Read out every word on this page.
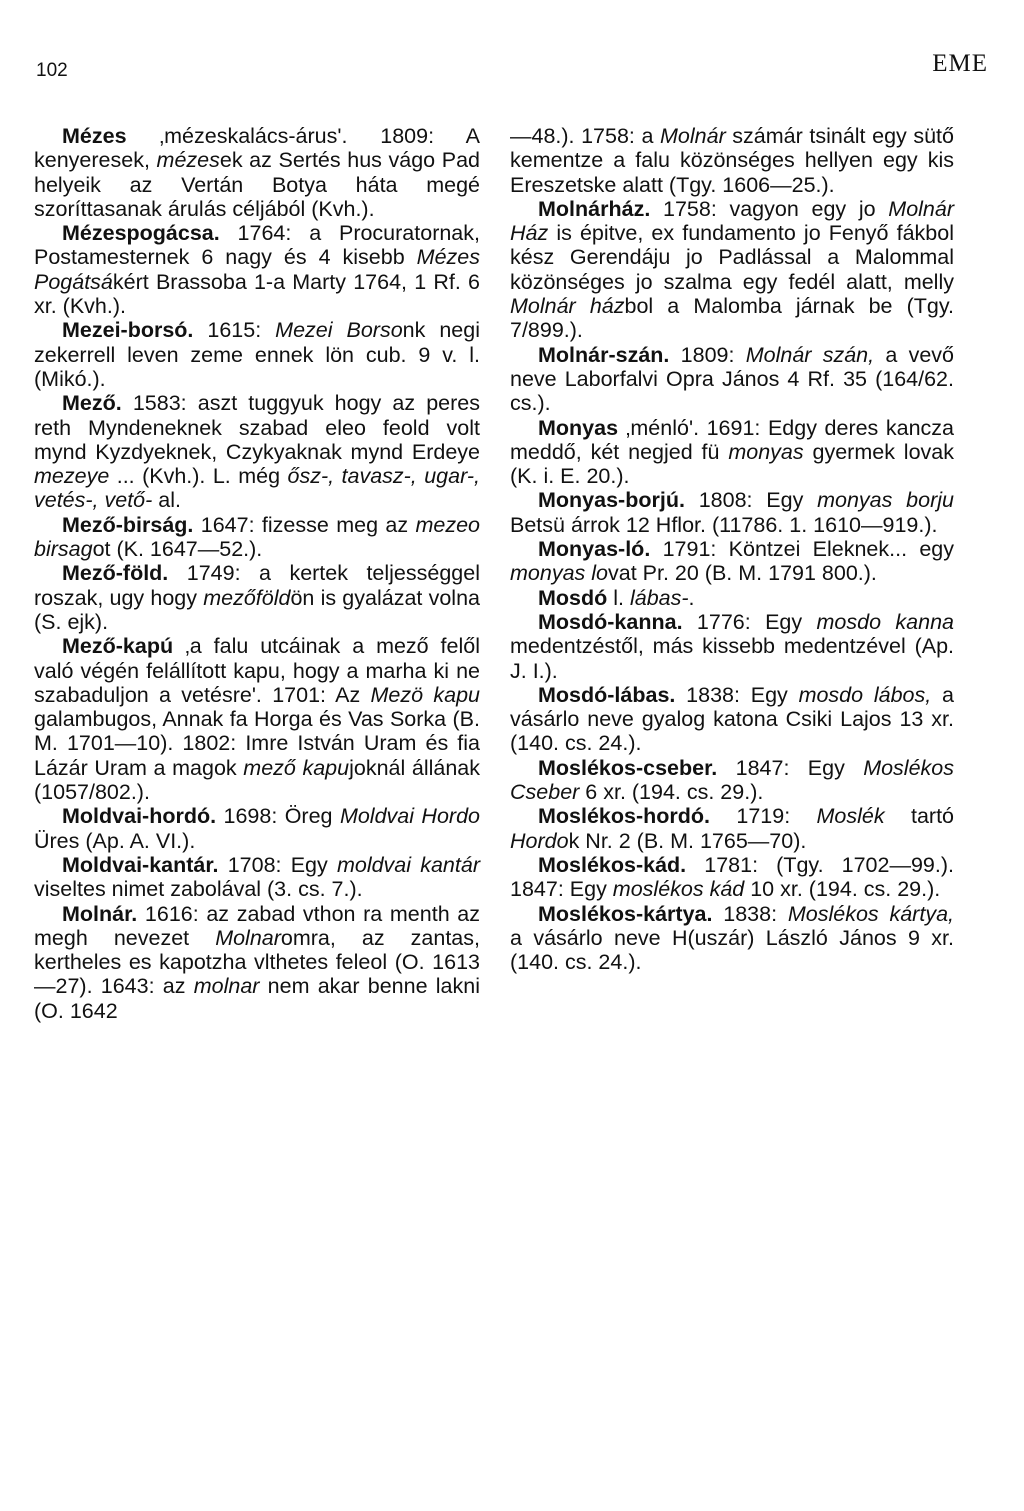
102	EME

Mézes ‚mézeskalács-árus'. 1809: A kenyeresek, mézesek az Sertés hus vágo Pad helyeik az Vertán Botya háta megé szoríttasanak árulás céljából (Kvh.).

Mézespogácsa. 1764: a Procuratornak, Postamesternek 6 nagy és 4 kisebb Mézes Pogátsákért Brassoba 1-a Marty 1764, 1 Rf. 6 xr. (Kvh.).

Mezei-borsó. 1615: Mezei Borsonk negi zekerrell leven zeme ennek lön cub. 9 v. l. (Mikó.).

Mező. 1583: aszt tuggyuk hogy az peres reth Myndeneknek szabad eleo feold volt mynd Kyzdyeknek, Czykyaknak mynd Erdeye mezeye ... (Kvh.). L. még ősz-, tavasz-, ugar-, vetés-, vető- al.

Mező-birság. 1647: fizesse meg az mezeo birsagot (K. 1647—52.).

Mező-föld. 1749: a kertek teljességgel roszak, ugy hogy mezőföldön is gyalázat volna (S. ejk).

Mező-kapú ‚a falu utcáinak a mező felől való végén felállított kapu, hogy a marha ki ne szabaduljon a vetésre'. 1701: Az Mezö kapu galambugos, Annak fa Horga és Vas Sorka (B. M. 1701—10). 1802: Imre István Uram és fia Lázár Uram a magok mező kapujoknál állának (1057/802.).

Moldvai-hordó. 1698: Öreg Moldvai Hordo Üres (Ap. A. VI.).

Moldvai-kantár. 1708: Egy moldvai kantár viseltes nimet zabolával (3. cs. 7.).

Molnár. 1616: az zabad vthon ra menth az megh nevezet Molnaromra, az zantas, kertheles es kapotzha vlthetes feleol (O. 1613—27). 1643: az molnar nem akar benne lakni (O. 1642

—48.). 1758: a Molnár számár tsinált egy sütő kementze a falu közönséges hellyen egy kis Ereszetske alatt (Tgy. 1606—25.).

Molnárház. 1758: vagyon egy jo Molnár Ház is épitve, ex fundamento jo Fenyő fákbol kész Gerendáju jo Padlással a Malommal közönséges jo szalma egy fedél alatt, melly Molnár házbol a Malomba járnak be (Tgy. 7/899.).

Molnár-szán. 1809: Molnár szán, a vevő neve Laborfalvi Opra János 4 Rf. 35 (164/62. cs.).

Monyas ‚ménló'. 1691: Edgy deres kancza meddő, két negjed fü monyas gyermek lovak (K. i. E. 20.).

Monyas-borjú. 1808: Egy monyas borju Betsü árrok 12 Hflor. (11786. 1. 1610—919.).

Monyas-ló. 1791: Köntzei Eleknek... egy monyas lovat Pr. 20 (B. M. 1791 800.).

Mosdó l. lábas-.

Mosdó-kanna. 1776: Egy mosdo kanna medentzéstől, más kissebb medentzével (Ap. J. I.).

Mosdó-lábas. 1838: Egy mosdo lábos, a vásárlo neve gyalog katona Csiki Lajos 13 xr. (140. cs. 24.).

Moslékos-cseber. 1847: Egy Moslékos Cseber 6 xr. (194. cs. 29.).

Moslékos-hordó. 1719: Moslék tartó Hordok Nr. 2 (B. M. 1765—70).

Moslékos-kád. 1781: (Tgy. 1702—99.). 1847: Egy moslékos kád 10 xr. (194. cs. 29.).

Moslékos-kártya. 1838: Moslékos kártya, a vásárlo neve H(uszár) László János 9 xr. (140. cs. 24.).
